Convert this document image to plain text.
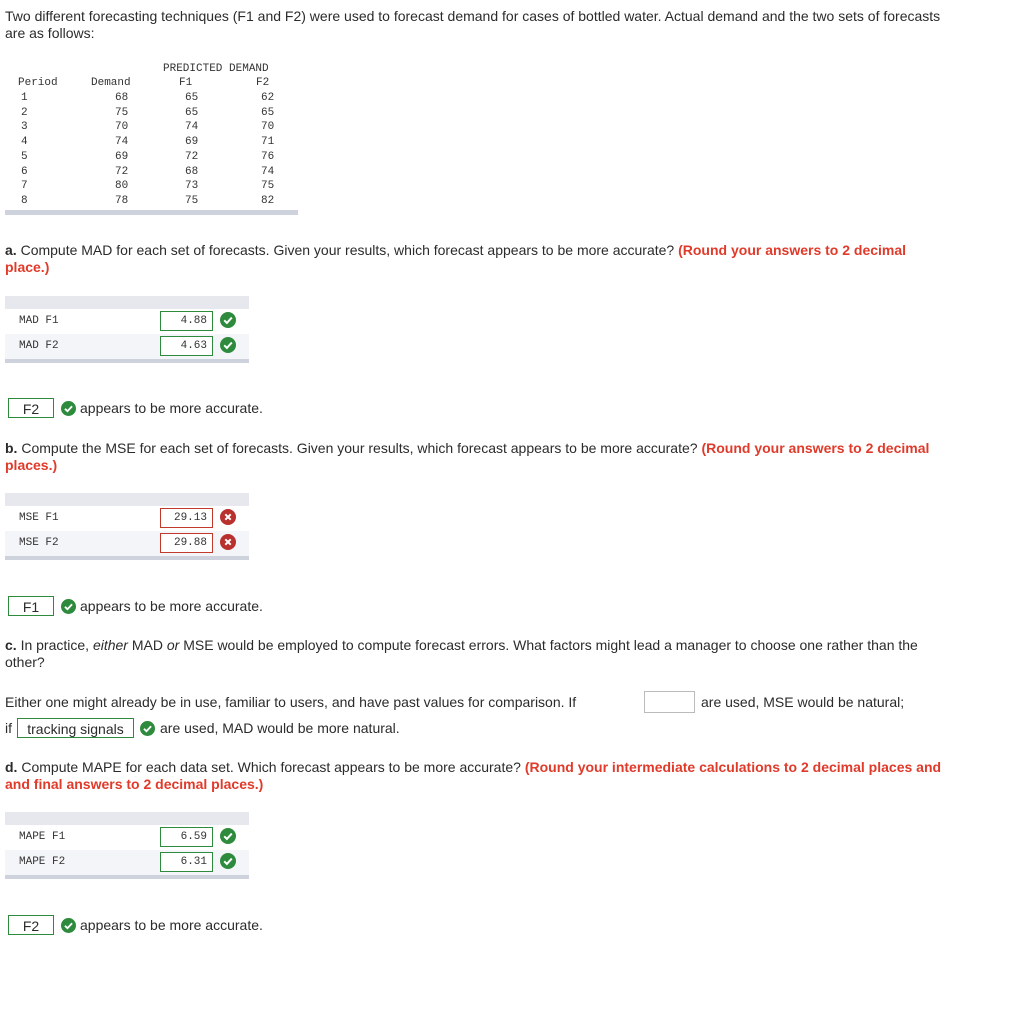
Two different forecasting techniques (F1 and F2) were used to forecast demand for cases of bottled water. Actual demand and the two sets of forecasts are as follows:
PREDICTED DEMAND
Period	Demand	F1	F2
1	68	65	62
2	75	65	65
3	70	74	70
4	74	69	71
5	69	72	76
6	72	68	74
7	80	73	75
8	78	75	82
a. Compute MAD for each set of forecasts. Given your results, which forecast appears to be more accurate? (Round your answers to 2 decimal place.)
MAD F1	4.88
MAD F2	4.63
F2	appears to be more accurate.
b. Compute the MSE for each set of forecasts. Given your results, which forecast appears to be more accurate? (Round your answers to 2 decimal places.)
MSE F1	29.13
MSE F2	29.88
F1	appears to be more accurate.
c. In practice, either MAD or MSE would be employed to compute forecast errors. What factors might lead a manager to choose one rather than the other?
Either one might already be in use, familiar to users, and have past values for comparison. If	are used, MSE would be natural;
if	tracking signals	are used, MAD would be more natural.
d. Compute MAPE for each data set. Which forecast appears to be more accurate? (Round your intermediate calculations to 2 decimal places and and final answers to 2 decimal places.)
MAPE F1	6.59
MAPE F2	6.31
F2	appears to be more accurate.
